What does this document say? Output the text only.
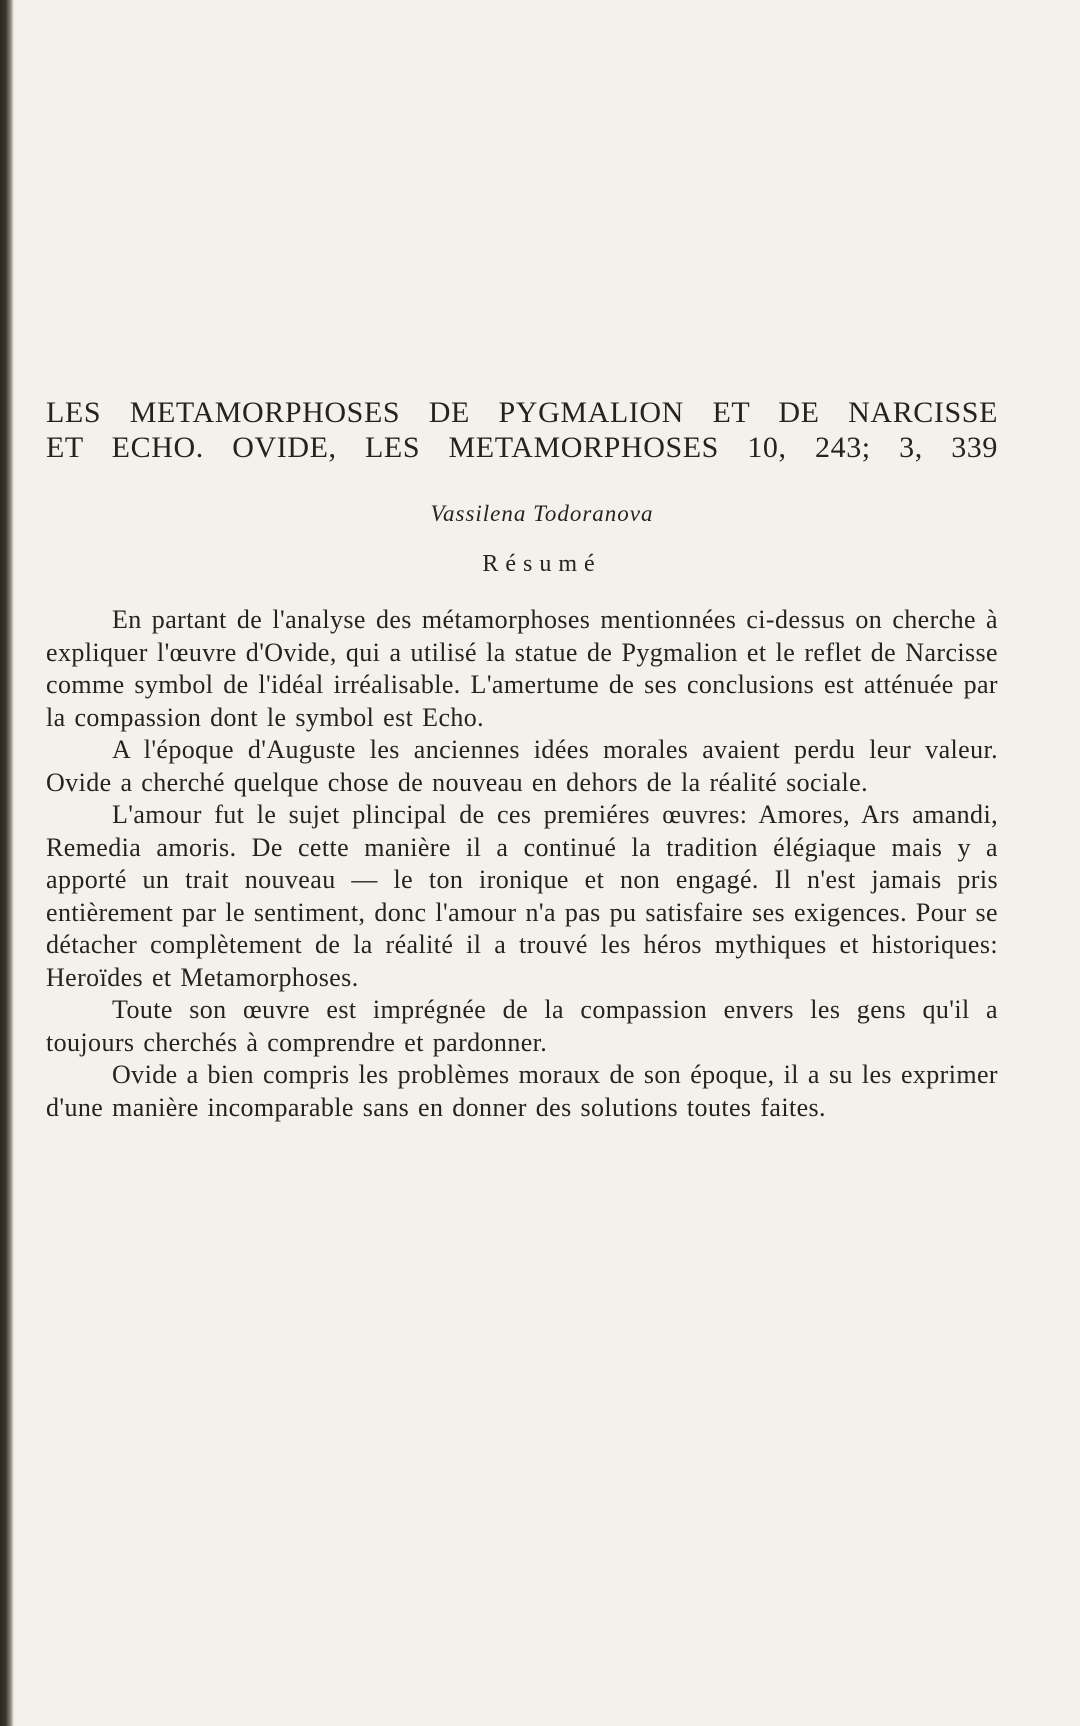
LES METAMORPHOSES DE PYGMALION ET DE NARCISSE
ET ECHO. OVIDE, LES METAMORPHOSES 10, 243; 3, 339
Vassilena Todoranova
Résumé

En partant de l'analyse des métamorphoses mentionnées ci-dessus on cherche à expliquer l'œuvre d'Ovide, qui a utilisé la statue de Pygmalion et le reflet de Narcisse comme symbol de l'idéal irréalisable. L'amertume de ses conclusions est atténuée par la compassion dont le symbol est Echo.

A l'époque d'Auguste les anciennes idées morales avaient perdu leur valeur. Ovide a cherché quelque chose de nouveau en dehors de la réalité sociale.

L'amour fut le sujet plincipal de ces premiéres œuvres: Amores, Ars amandi, Remedia amoris. De cette manière il a continué la tradition élégiaque mais y a apporté un trait nouveau — le ton ironique et non engagé. Il n'est jamais pris entièrement par le sentiment, donc l'amour n'a pas pu satisfaire ses exigences. Pour se détacher complètement de la réalité il a trouvé les héros mythiques et historiques: Heroïdes et Metamorphoses.

Toute son œuvre est imprégnée de la compassion envers les gens qu'il a toujours cherchés à comprendre et pardonner.

Ovide a bien compris les problèmes moraux de son époque, il a su les exprimer d'une manière incomparable sans en donner des solutions toutes faites.
